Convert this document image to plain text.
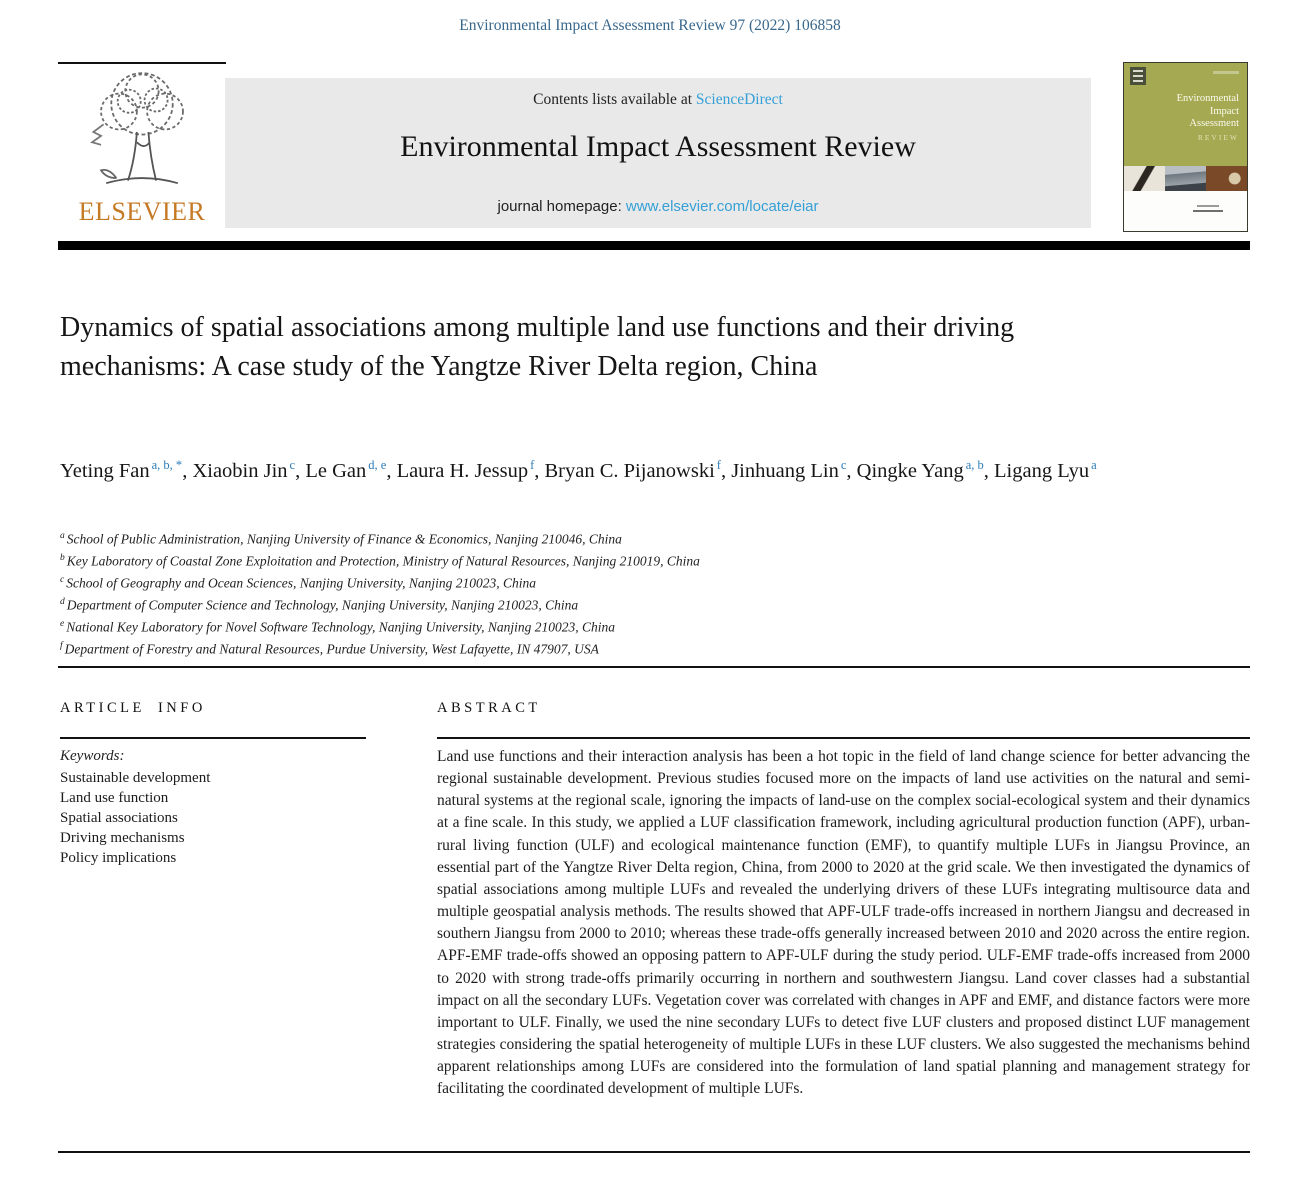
Environmental Impact Assessment Review 97 (2022) 106858
ELSEVIER
Contents lists available at ScienceDirect
Environmental Impact Assessment Review
journal homepage: www.elsevier.com/locate/eiar
Environmental
Impact
Assessment
REVIEW
Dynamics of spatial associations among multiple land use functions and their driving mechanisms: A case study of the Yangtze River Delta region, China
Yeting Fan $^{a, b, *}$, Xiaobin Jin $^c$, Le Gan $^{d, e}$, Laura H. Jessup $^f$, Bryan C. Pijanowski $^f$, Jinhuang Lin $^c$, Qingke Yang $^{a, b}$, Ligang Lyu $^a$
$^a$ School of Public Administration, Nanjing University of Finance & Economics, Nanjing 210046, China
$^b$ Key Laboratory of Coastal Zone Exploitation and Protection, Ministry of Natural Resources, Nanjing 210019, China
$^c$ School of Geography and Ocean Sciences, Nanjing University, Nanjing 210023, China
$^d$ Department of Computer Science and Technology, Nanjing University, Nanjing 210023, China
$^e$ National Key Laboratory for Novel Software Technology, Nanjing University, Nanjing 210023, China
$^f$ Department of Forestry and Natural Resources, Purdue University, West Lafayette, IN 47907, USA
ARTICLE INFO	ABSTRACT
Keywords:
Sustainable development
Land use function
Spatial associations
Driving mechanisms
Policy implications

Land use functions and their interaction analysis has been a hot topic in the field of land change science for better advancing the regional sustainable development. Previous studies focused more on the impacts of land use activities on the natural and semi-natural systems at the regional scale, ignoring the impacts of land-use on the complex social-ecological system and their dynamics at a fine scale. In this study, we applied a LUF classification framework, including agricultural production function (APF), urban-rural living function (ULF) and ecological maintenance function (EMF), to quantify multiple LUFs in Jiangsu Province, an essential part of the Yangtze River Delta region, China, from 2000 to 2020 at the grid scale. We then investigated the dynamics of spatial associations among multiple LUFs and revealed the underlying drivers of these LUFs integrating multisource data and multiple geospatial analysis methods. The results showed that APF-ULF trade-offs increased in northern Jiangsu and decreased in southern Jiangsu from 2000 to 2010; whereas these trade-offs generally increased between 2010 and 2020 across the entire region. APF-EMF trade-offs showed an opposing pattern to APF-ULF during the study period. ULF-EMF trade-offs increased from 2000 to 2020 with strong trade-offs primarily occurring in northern and southwestern Jiangsu. Land cover classes had a substantial impact on all the secondary LUFs. Vegetation cover was correlated with changes in APF and EMF, and distance factors were more important to ULF. Finally, we used the nine secondary LUFs to detect five LUF clusters and proposed distinct LUF management strategies considering the spatial heterogeneity of multiple LUFs in these LUF clusters. We also suggested the mechanisms behind apparent relationships among LUFs are considered into the formulation of land spatial planning and management strategy for facilitating the coordinated development of multiple LUFs.
